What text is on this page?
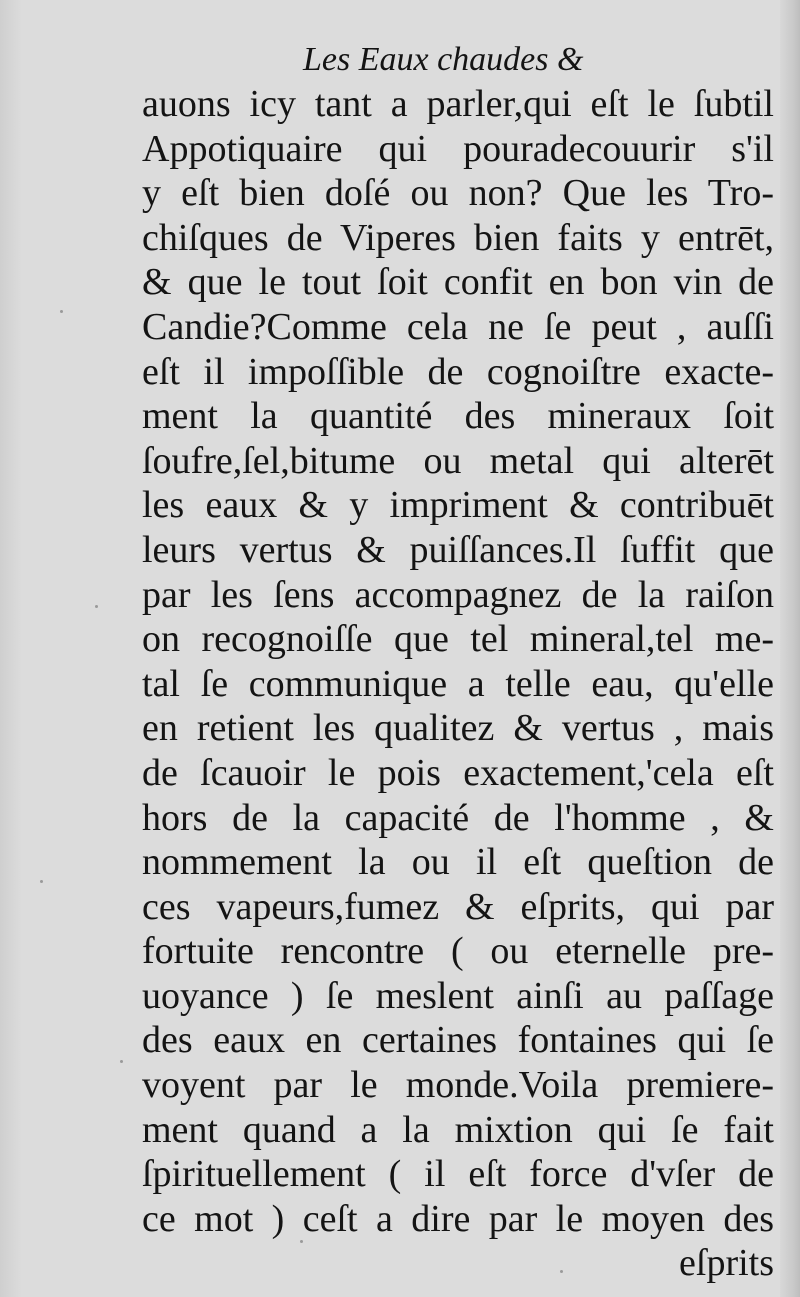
Les Eaux chaudes &
auons icy tant a parler,qui eſt le ſubtil
Appotiquaire qui pouradecouurir s'il
y eſt bien doſé ou non? Que les Tro-
chiſques de Viperes bien faits y entrēt,
& que le tout ſoit confit en bon vin de
Candie?Comme cela ne ſe peut , auſſi
eſt il impoſſible de cognoiſtre exacte-
ment la quantité des mineraux ſoit
ſoufre,ſel,bitume ou metal qui alterēt
les eaux & y impriment & contribuēt
leurs vertus & puiſſances.Il ſuffit que
par les ſens accompagnez de la raiſon
on recognoiſſe que tel mineral,tel me-
tal ſe communique a telle eau, qu'elle
en retient les qualitez & vertus , mais
de ſcauoir le pois exactement,'cela eſt
hors de la capacité de l'homme , &
nommement la ou il eſt queſtion de
ces vapeurs,fumez & eſprits, qui par
fortuite rencontre ( ou eternelle pre-
uoyance ) ſe meslent ainſi au paſſage
des eaux en certaines fontaines qui ſe
voyent par le monde.Voila premiere-
ment quand a la mixtion qui ſe fait
ſpirituellement ( il eſt force d'vſer de
ce mot ) ceſt a dire par le moyen des
eſprits
